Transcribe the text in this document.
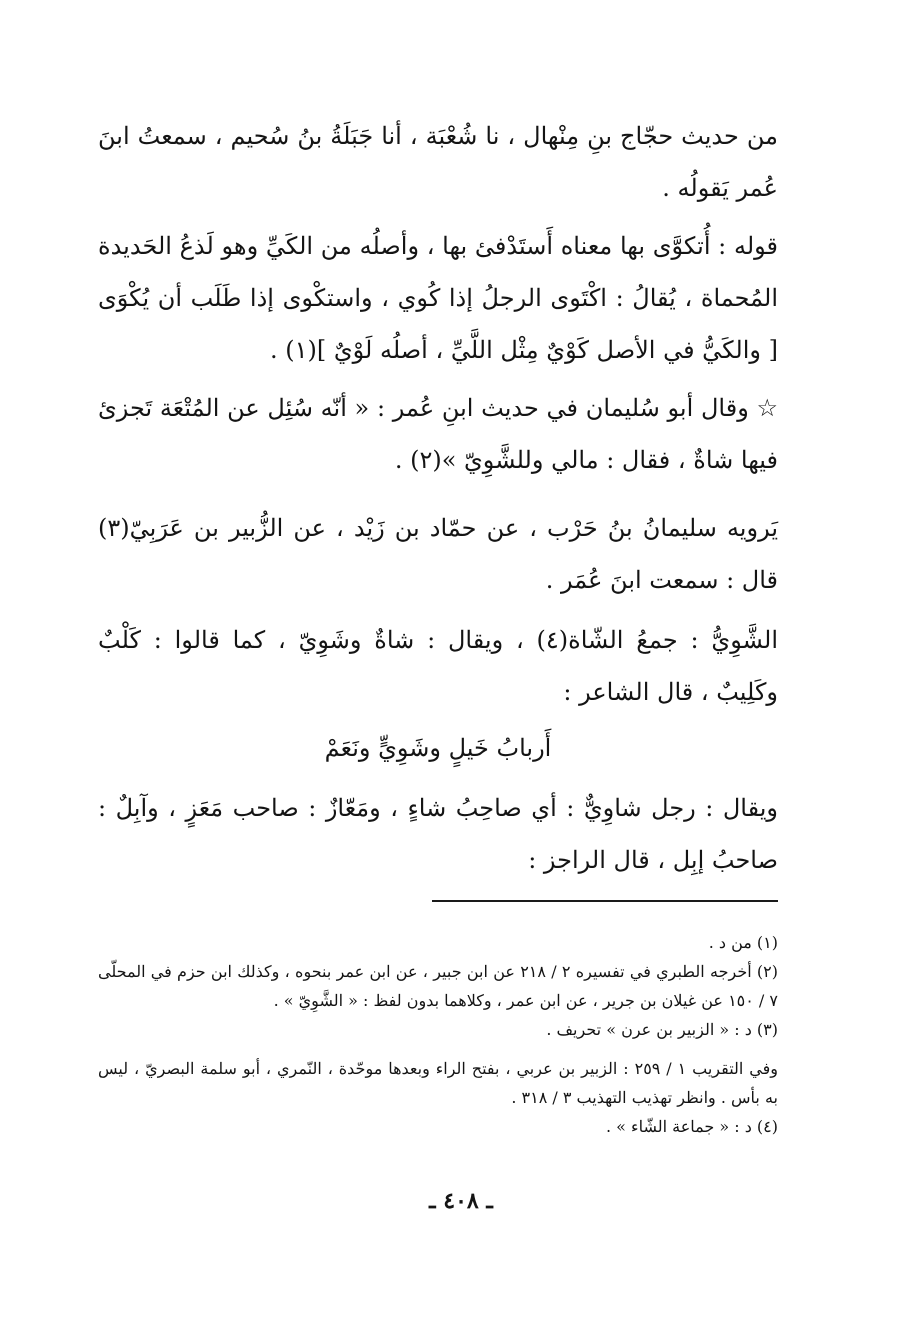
من حديث حجّاج بنِ مِنْهال ، نا شُعْبَة ، أنا جَبَلَةُ بنُ سُحيم ، سمعتُ ابنَ عُمر يَقولُه .

قوله : أُتكوَّى بها معناه أَستَدْفئ بها ، وأصلُه من الكَيِّ وهو لَذعُ الحَديدة المُحماة ، يُقالُ : اكْتَوى الرجلُ إذا كُوي ، واستكْوى إذا طَلَب أن يُكْوَى [ والكَيُّ في الأصل كَوْيٌ مِثْل اللَّيِّ ، أصلُه لَوْيٌ ](١) .

☆ وقال أبو سُليمان في حديث ابنِ عُمر : « أنّه سُئِل عن المُتْعَة تَجزئ فيها شاةٌ ، فقال : مالي وللشَّوِيّ »(٢) .

يَرويه سليمانُ بنُ حَرْب ، عن حمّاد بن زَيْد ، عن الزُّبير بن عَرَبِيّ(٣) قال : سمعت ابنَ عُمَر .

الشَّوِيُّ : جمعُ الشّاة(٤) ، ويقال : شاةٌ وشَوِيّ ، كما قالوا : كَلْبٌ وكَلِيبٌ ، قال الشاعر :

أَربابُ خَيلٍ وشَوِيٍّ ونَعَمْ

ويقال : رجل شاوِيٌّ : أي صاحِبُ شاءٍ ، ومَعّازٌ : صاحب مَعَزٍ ، وآبِلٌ : صاحبُ إبِل ، قال الراجز :

(١) من د .

(٢) أخرجه الطبري في تفسيره ٢ / ٢١٨ عن ابن جبير ، عن ابن عمر بنحوه ، وكذلك ابن حزم في المحلّى ٧ / ١٥٠ عن غيلان بن جرير ، عن ابن عمر ، وكلاهما بدون لفظ : « الشَّوِيّ » .

(٣) د : « الزبير بن عرن » تحريف .

وفي التقريب ١ / ٢٥٩ : الزبير بن عربي ، بفتح الراء وبعدها موحّدة ، النّمري ، أبو سلمة البصريّ ، ليس به بأس . وانظر تهذيب التهذيب ٣ / ٣١٨ .

(٤) د : « جماعة الشّاء » .

ـ ٤٠٨ ـ
